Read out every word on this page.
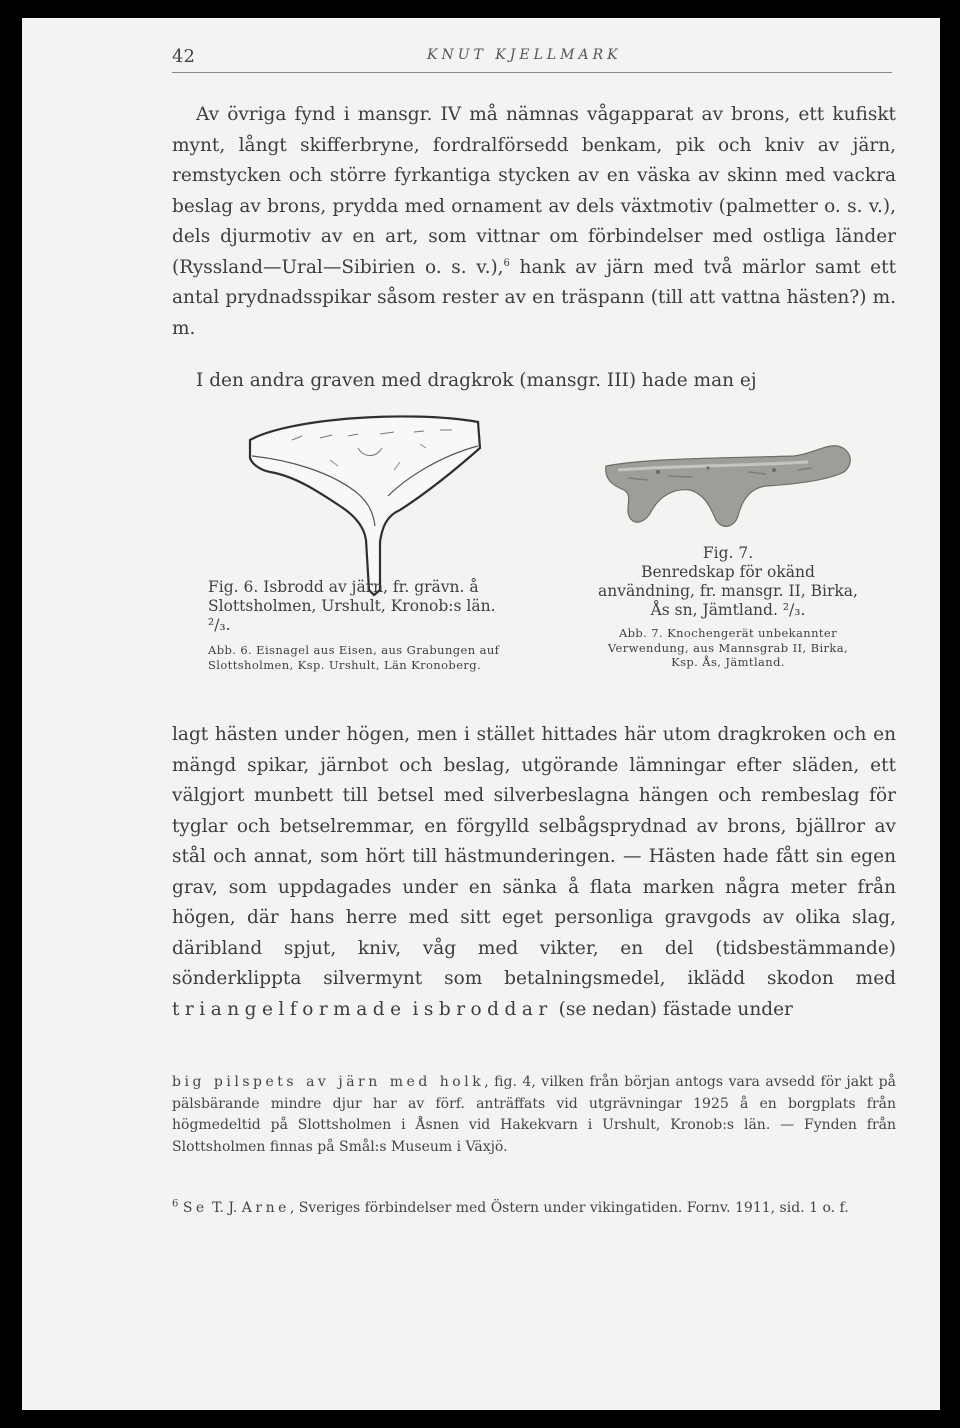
42	KNUT KJELLMARK

Av övriga fynd i mansgr. IV må nämnas vågapparat av brons, ett kufiskt mynt, långt skifferbryne, fordralförsedd benkam, pik och kniv av järn, remstycken och större fyrkantiga stycken av en väska av skinn med vackra beslag av brons, prydda med ornament av dels växtmotiv (palmetter o. s. v.), dels djurmotiv av en art, som vittnar om förbindelser med ostliga länder (Ryssland—Ural—Sibirien o. s. v.),$^6$ hank av järn med två märlor samt ett antal prydnadsspikar såsom rester av en träspann (till att vattna hästen?) m. m.

I den andra graven med dragkrok (mansgr. III) hade man ej

Fig. 6. Isbrodd av järn, fr. grävn. å Slottsholmen, Urshult, Kronob:s län. ²/₃.
Abb. 6. Eisnagel aus Eisen, aus Grabungen auf Slottsholmen, Ksp. Urshult, Län Kronoberg.
Fig. 7.
Benredskap för okänd användning, fr. mansgr. II, Birka, Ås sn, Jämtland. ²/₃.
Abb. 7. Knochengerät unbekannter Verwendung, aus Mannsgrab II, Birka, Ksp. Ås, Jämtland.

lagt hästen under högen, men i stället hittades här utom dragkroken och en mängd spikar, järnbot och beslag, utgörande lämningar efter släden, ett välgjort munbett till betsel med silverbeslagna hängen och rembeslag för tyglar och betselremmar, en förgylld selbågsprydnad av brons, bjällror av stål och annat, som hört till hästmunderingen. — Hästen hade fått sin egen grav, som uppdagades under en sänka å flata marken några meter från högen, där hans herre med sitt eget personliga gravgods av olika slag, däribland spjut, kniv, våg med vikter, en del (tidsbestämmande) sönderklippta silvermynt som betalningsmedel, iklädd skodon med triangelformade isbroddar (se nedan) fästade under

big pilspets av järn med holk, fig. 4, vilken från början antogs vara avsedd för jakt på pälsbärande mindre djur har av förf. anträffats vid utgrävningar 1925 å en borgplats från högmedeltid på Slottsholmen i Åsnen vid Hakekvarn i Urshult, Kronob:s län. — Fynden från Slottsholmen finnas på Smål:s Museum i Växjö.

$^6$ Se T. J. Arne, Sveriges förbindelser med Östern under vikingatiden. Fornv. 1911, sid. 1 o. f.
